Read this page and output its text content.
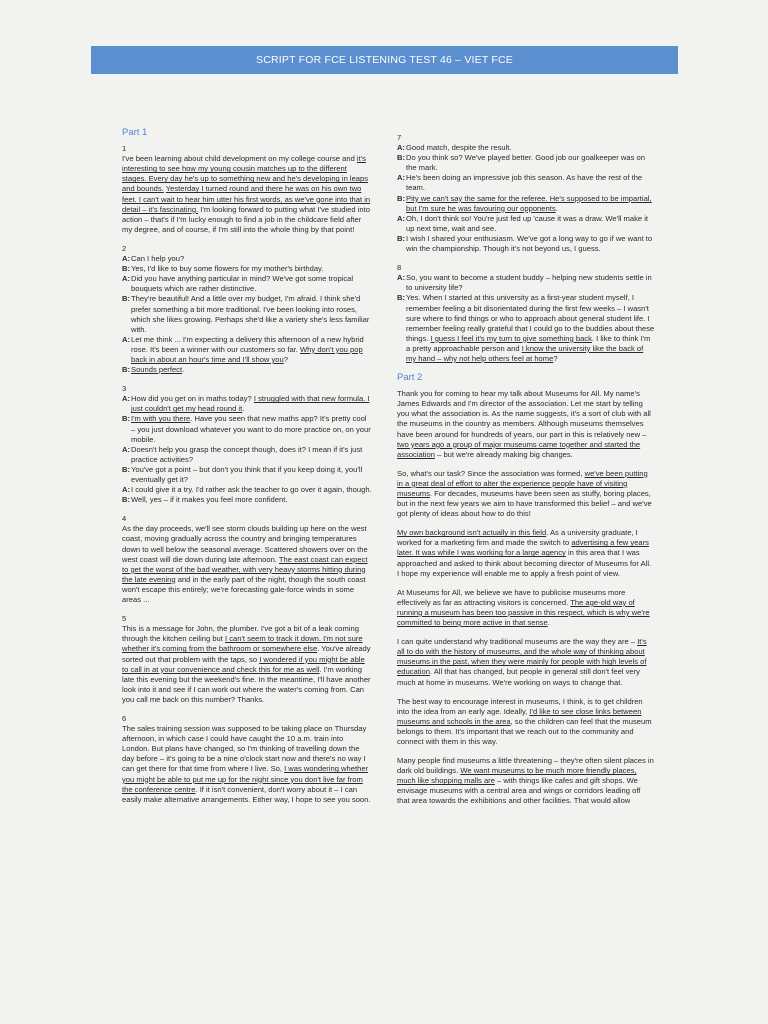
SCRIPT FOR FCE LISTENING TEST 46 – VIET FCE
Part 1
1
I've been learning about child development on my college course and it's interesting to see how my young cousin matches up to the different stages. Every day he's up to something new and he's developing in leaps and bounds. Yesterday I turned round and there he was on his own two feet. I can't wait to hear him utter his first words, as we've gone into that in detail – it's fascinating. I'm looking forward to putting what I've studied into action – that's if I'm lucky enough to find a job in the childcare field after my degree, and of course, if I'm still into the whole thing by that point!
2
A: Can I help you?
B: Yes, I'd like to buy some flowers for my mother's birthday.
A: Did you have anything particular in mind? We've got some tropical bouquets which are rather distinctive.
B: They're beautiful! And a little over my budget, I'm afraid. I think she'd prefer something a bit more traditional. I've been looking into roses, which she likes growing. Perhaps she'd like a variety she's less familiar with.
A: Let me think ... I'm expecting a delivery this afternoon of a new hybrid rose. It's been a winner with our customers so far. Why don't you pop back in about an hour's time and I'll show you?
B: Sounds perfect.
3
A: How did you get on in maths today? I struggled with that new formula. I just couldn't get my head round it.
B: I'm with you there. Have you seen that new maths app? It's pretty cool – you just download whatever you want to do more practice on, on your mobile.
A: Doesn't help you grasp the concept though, does it? I mean if it's just practice activities?
B: You've got a point – but don't you think that if you keep doing it, you'll eventually get it?
A: I could give it a try. I'd rather ask the teacher to go over it again, though.
B: Well, yes – if it makes you feel more confident.
4
As the day proceeds, we'll see storm clouds building up here on the west coast, moving gradually across the country and bringing temperatures down to well below the seasonal average. Scattered showers over on the west coast will die down during late afternoon. The east coast can expect to get the worst of the bad weather, with very heavy storms hitting during the late evening and in the early part of the night, though the south coast won't escape this entirely; we're forecasting gale-force winds in some areas ...
5
This is a message for John, the plumber. I've got a bit of a leak coming through the kitchen ceiling but I can't seem to track it down. I'm not sure whether it's coming from the bathroom or somewhere else. You've already sorted out that problem with the taps, so I wondered if you might be able to call in at your convenience and check this for me as well. I'm working late this evening but the weekend's fine. In the meantime, I'll have another look into it and see if I can work out where the water's coming from. Can you call me back on this number? Thanks.
6
The sales training session was supposed to be taking place on Thursday afternoon, in which case I could have caught the 10 a.m. train into London. But plans have changed, so I'm thinking of travelling down the day before – it's going to be a nine o'clock start now and there's no way I can get there for that time from where I live. So, I was wondering whether you might be able to put me up for the night since you don't live far from the conference centre. If it isn't convenient, don't worry about it – I can easily make alternative arrangements. Either way, I hope to see you soon.
7
A: Good match, despite the result.
B: Do you think so? We've played better. Good job our goalkeeper was on the mark.
A: He's been doing an impressive job this season. As have the rest of the team.
B: Pity we can't say the same for the referee. He's supposed to be impartial, but I'm sure he was favouring our opponents.
A: Oh, I don't think so! You're just fed up 'cause it was a draw. We'll make it up next time, wait and see.
B: I wish I shared your enthusiasm. We've got a long way to go if we want to win the championship. Though it's not beyond us, I guess.
8
A: So, you want to become a student buddy – helping new students settle in to university life?
B: Yes. When I started at this university as a first-year student myself, I remember feeling a bit disorientated during the first few weeks – I wasn't sure where to find things or who to approach about general student life. I remember feeling really grateful that I could go to the buddies about these things. I guess I feel it's my turn to give something back. I like to think I'm a pretty approachable person and I know the university like the back of my hand – why not help others feel at home?
Part 2
Thank you for coming to hear my talk about Museums for All. My name's James Edwards and I'm director of the association. Let me start by telling you what the association is. As the name suggests, it's a sort of club with all the museums in the country as members. Although museums themselves have been around for hundreds of years, our part in this is relatively new – two years ago a group of major museums came together and started the association – but we're already making big changes.
So, what's our task? Since the association was formed, we've been putting in a great deal of effort to alter the experience people have of visiting museums. For decades, museums have been seen as stuffy, boring places, but in the next few years we aim to have transformed this belief – and we've got plenty of ideas about how to do this!
My own background isn't actually in this field. As a university graduate, I worked for a marketing firm and made the switch to advertising a few years later. It was while I was working for a large agency in this area that I was approached and asked to think about becoming director of Museums for All. I hope my experience will enable me to apply a fresh point of view.
At Museums for All, we believe we have to publicise museums more effectively as far as attracting visitors is concerned. The age-old way of running a museum has been too passive in this respect, which is why we're committed to being more active in that sense.
I can quite understand why traditional museums are the way they are – It's all to do with the history of museums, and the whole way of thinking about museums in the past, when they were mainly for people with high levels of education. All that has changed, but people in general still don't feel very much at home in museums. We're working on ways to change that.
The best way to encourage interest in museums, I think, is to get children into the idea from an early age. Ideally, I'd like to see close links between museums and schools in the area, so the children can feel that the museum belongs to them. It's important that we reach out to the community and connect with them in this way.
Many people find museums a little threatening – they're often silent places in dark old buildings. We want museums to be much more friendly places, much like shopping malls are – with things like cafes and gift shops. We envisage museums with a central area and wings or corridors leading off that area towards the exhibitions and other facilities. That would allow
